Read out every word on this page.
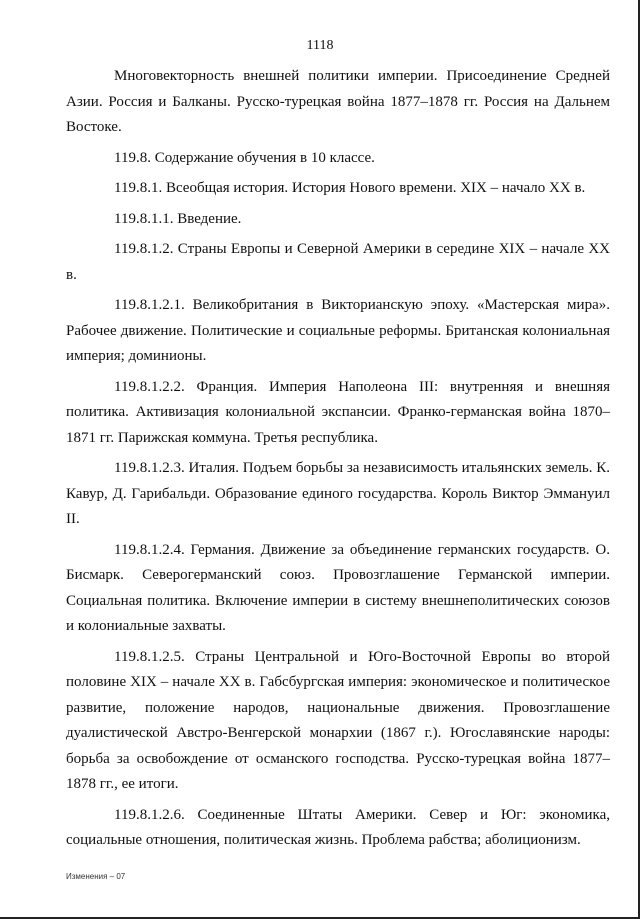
1118

Многовекторность внешней политики империи. Присоединение Средней Азии. Россия и Балканы. Русско-турецкая война 1877–1878 гг. Россия на Дальнем Востоке.

119.8. Содержание обучения в 10 классе.

119.8.1. Всеобщая история. История Нового времени. XIX – начало XX в.

119.8.1.1. Введение.

119.8.1.2. Страны Европы и Северной Америки в середине XIX – начале XX в.

119.8.1.2.1. Великобритания в Викторианскую эпоху. «Мастерская мира». Рабочее движение. Политические и социальные реформы. Британская колониальная империя; доминионы.

119.8.1.2.2. Франция. Империя Наполеона III: внутренняя и внешняя политика. Активизация колониальной экспансии. Франко-германская война 1870–1871 гг. Парижская коммуна. Третья республика.

119.8.1.2.3. Италия. Подъем борьбы за независимость итальянских земель. К. Кавур, Д. Гарибальди. Образование единого государства. Король Виктор Эммануил II.

119.8.1.2.4. Германия. Движение за объединение германских государств. О. Бисмарк. Северогерманский союз. Провозглашение Германской империи. Социальная политика. Включение империи в систему внешнеполитических союзов и колониальные захваты.

119.8.1.2.5. Страны Центральной и Юго-Восточной Европы во второй половине XIX – начале XX в. Габсбургская империя: экономическое и политическое развитие, положение народов, национальные движения. Провозглашение дуалистической Австро-Венгерской монархии (1867 г.). Югославянские народы: борьба за освобождение от османского господства. Русско-турецкая война 1877–1878 гг., ее итоги.

119.8.1.2.6. Соединенные Штаты Америки. Север и Юг: экономика, социальные отношения, политическая жизнь. Проблема рабства; аболиционизм.

Изменения – 07
